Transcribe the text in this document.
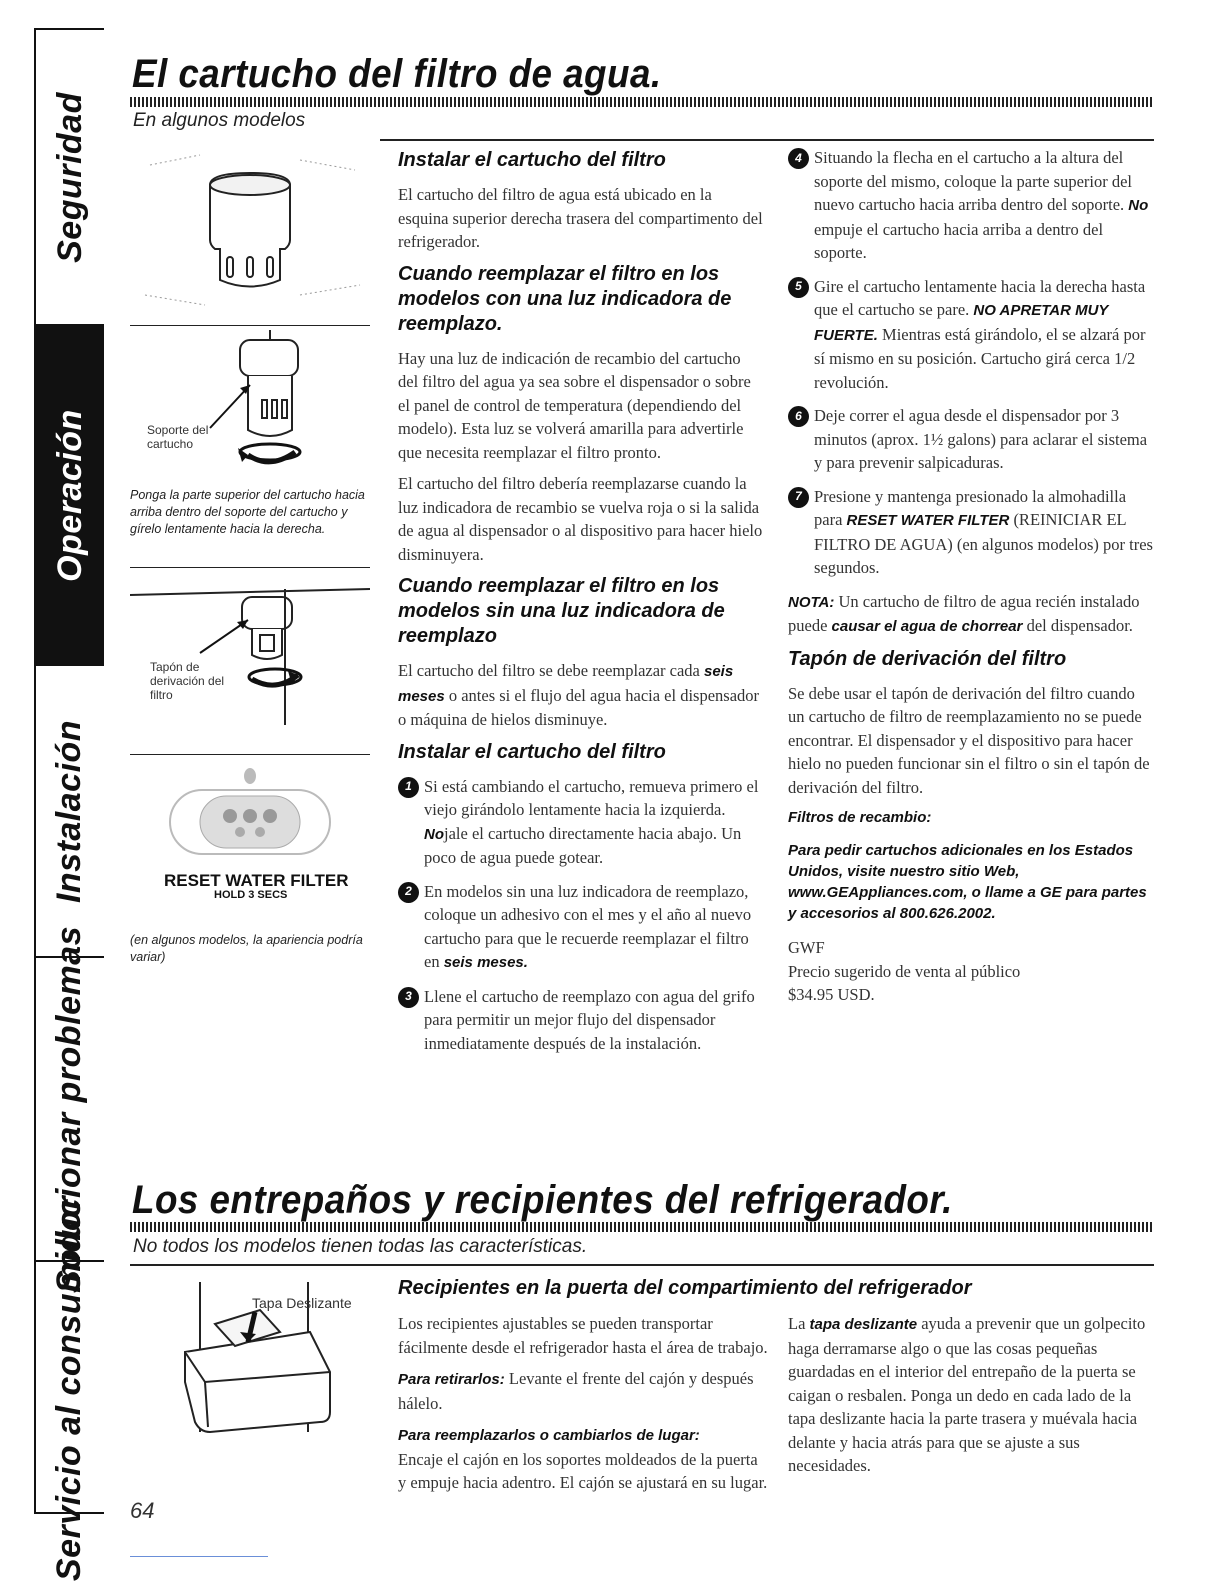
Seguridad
Operación
Instalación
Solucionar problemas
Servicio al consumidor
El cartucho del filtro de agua.
En algunos modelos
Soporte del cartucho
Ponga la parte superior del cartucho hacia arriba dentro del soporte del cartucho y gírelo lentamente hacia la derecha.
Tapón de derivación del filtro
RESET WATER FILTER
HOLD 3 SECS
(en algunos modelos, la apariencia podría variar)
Instalar el cartucho del filtro

El cartucho del filtro de agua está ubicado en la esquina superior derecha trasera del compartimento del refrigerador.

Cuando reemplazar el filtro en los modelos con una luz indicadora de reemplazo.

Hay una luz de indicación de recambio del cartucho del filtro del agua ya sea sobre el dispensador o sobre el panel de control de temperatura (dependiendo del modelo). Esta luz se volverá amarilla para advertirle que necesita reemplazar el filtro pronto.

El cartucho del filtro debería reemplazarse cuando la luz indicadora de recambio se vuelva roja o si la salida de agua al dispensador o al dispositivo para hacer hielo disminuyera.

Cuando reemplazar el filtro en los modelos sin una luz indicadora de reemplazo

El cartucho del filtro se debe reemplazar cada seis meses o antes si el flujo del agua hacia el dispensador o máquina de hielos disminuye.

Instalar el cartucho del filtro
1 Si está cambiando el cartucho, remueva primero el viejo girándolo lentamente hacia la izquierda. Nojale el cartucho directamente hacia abajo. Un poco de agua puede gotear.
2 En modelos sin una luz indicadora de reemplazo, coloque un adhesivo con el mes y el año al nuevo cartucho para que le recuerde reemplazar el filtro en seis meses.
3 Llene el cartucho de reemplazo con agua del grifo para permitir un mejor flujo del dispensador inmediatamente después de la instalación.
4 Situando la flecha en el cartucho a la altura del soporte del mismo, coloque la parte superior del nuevo cartucho hacia arriba dentro del soporte. No empuje el cartucho hacia arriba a dentro del soporte.
5 Gire el cartucho lentamente hacia la derecha hasta que el cartucho se pare. NO APRETAR MUY FUERTE. Mientras está girándolo, el se alzará por sí mismo en su posición. Cartucho girá cerca 1/2 revolución.
6 Deje correr el agua desde el dispensador por 3 minutos (aprox. 1½ galons) para aclarar el sistema y para prevenir salpicaduras.
7 Presione y mantenga presionado la almohadilla para RESET WATER FILTER (REINICIAR EL FILTRO DE AGUA) (en algunos modelos) por tres segundos.

NOTA: Un cartucho de filtro de agua recién instalado puede causar el agua de chorrear del dispensador.

Tapón de derivación del filtro

Se debe usar el tapón de derivación del filtro cuando un cartucho de filtro de reemplazamiento no se puede encontrar. El dispensador y el dispositivo para hacer hielo no pueden funcionar sin el filtro o sin el tapón de derivación del filtro.

Filtros de recambio:
Para pedir cartuchos adicionales en los Estados Unidos, visite nuestro sitio Web, www.GEAppliances.com, o llame a GE para partes y accesorios al 800.626.2002.
GWF
Precio sugerido de venta al público
$34.95 USD.
Los entrepaños y recipientes del refrigerador.
No todos los modelos tienen todas las características.
Tapa Deslizante
Recipientes en la puerta del compartimiento del refrigerador

Los recipientes ajustables se pueden transportar fácilmente desde el refrigerador hasta el área de trabajo.

Para retirarlos: Levante el frente del cajón y después hálelo.

Para reemplazarlos o cambiarlos de lugar:
Encaje el cajón en los soportes moldeados de la puerta y empuje hacia adentro. El cajón se ajustará en su lugar.

La tapa deslizante ayuda a prevenir que un golpecito haga derramarse algo o que las cosas pequeñas guardadas en el interior del entrepaño de la puerta se caigan o resbalen. Ponga un dedo en cada lado de la tapa deslizante hacia la parte trasera y muévala hacia delante y hacia atrás para que se ajuste a sus necesidades.

64
